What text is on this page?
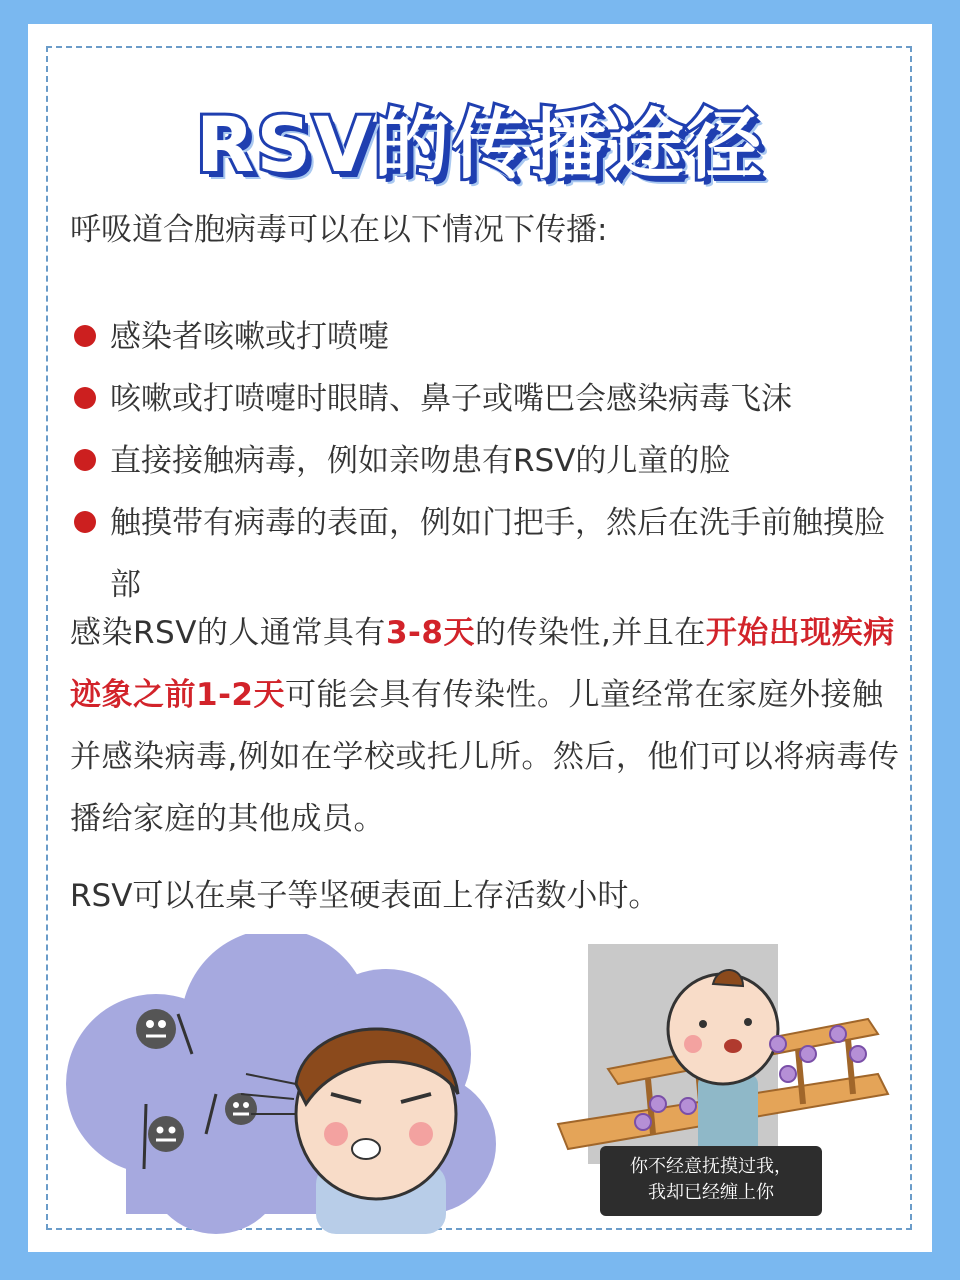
RSV的传播途径
呼吸道合胞病毒可以在以下情况下传播:
感染者咳嗽或打喷嚏
咳嗽或打喷嚏时眼睛、鼻子或嘴巴会感染病毒飞沫
直接接触病毒，例如亲吻患有RSV的儿童的脸
触摸带有病毒的表面，例如门把手，然后在洗手前触摸脸部
感染RSV的人通常具有3-8天的传染性,并且在开始出现疾病迹象之前1-2天可能会具有传染性。儿童经常在家庭外接触并感染病毒,例如在学校或托儿所。然后，他们可以将病毒传播给家庭的其他成员。
RSV可以在桌子等坚硬表面上存活数小时。
你不经意抚摸过我，
我却已经缠上你
